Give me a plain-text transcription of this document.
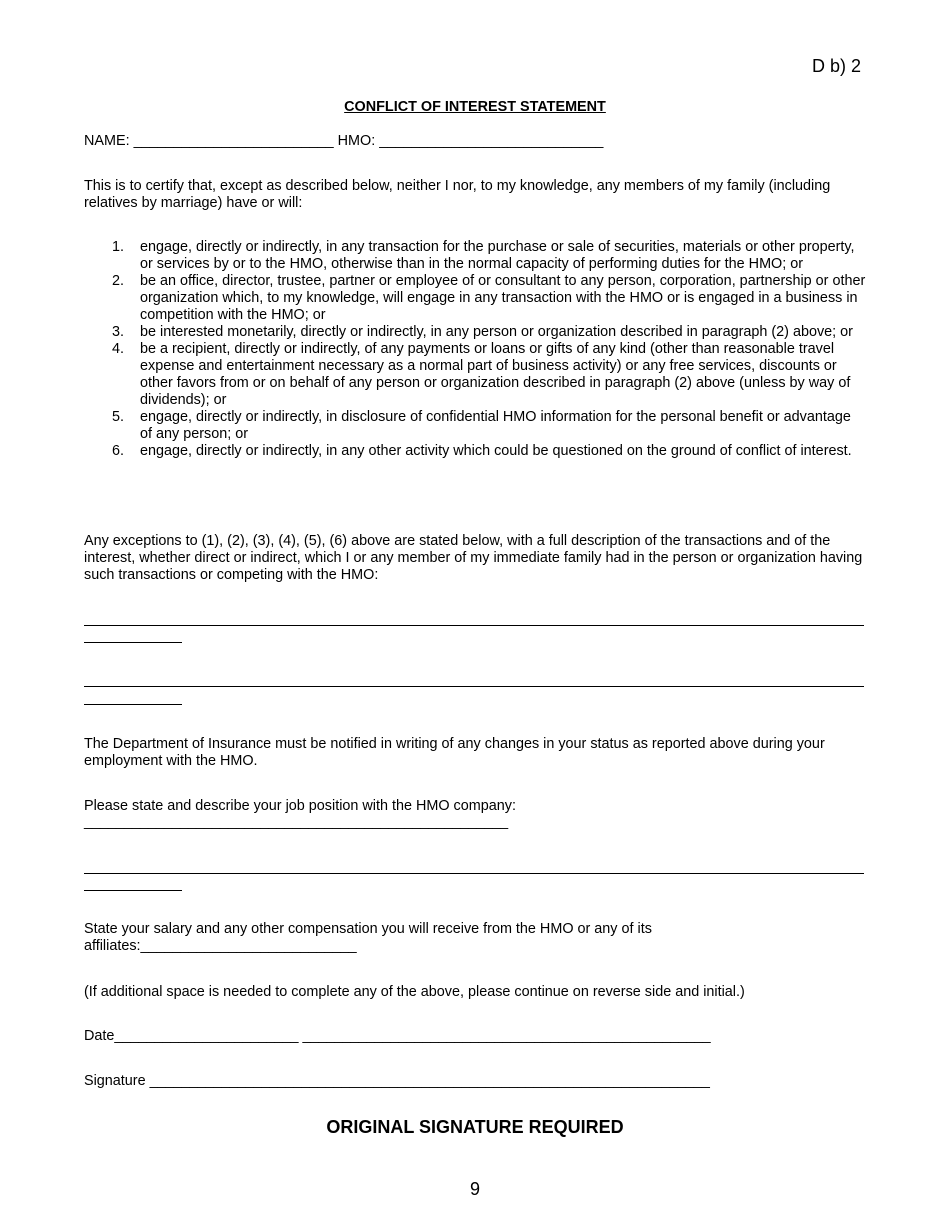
D b) 2
CONFLICT OF INTEREST STATEMENT
NAME: _________________________ HMO: ____________________________
This is to certify that, except as described below, neither I nor, to my knowledge, any members of my family (including relatives by marriage) have or will:
1. engage, directly or indirectly, in any transaction for the purchase or sale of securities, materials or other property, or services by or to the HMO, otherwise than in the normal capacity of performing duties for the HMO; or
2. be an office, director, trustee, partner or employee of or consultant to any person, corporation, partnership or other organization which, to my knowledge, will engage in any transaction with the HMO or is engaged in a business in competition with the HMO; or
3. be interested monetarily, directly or indirectly, in any person or organization described in paragraph (2) above; or
4. be a recipient, directly or indirectly, of any payments or loans or gifts of any kind (other than reasonable travel expense and entertainment necessary as a normal part of business activity) or any free services, discounts or other favors from or on behalf of any person or organization described in paragraph (2) above (unless by way of dividends); or
5. engage, directly or indirectly, in disclosure of confidential HMO information for the personal benefit or advantage of any person; or
6. engage, directly or indirectly, in any other activity which could be questioned on the ground of conflict of interest.
Any exceptions to (1), (2), (3), (4), (5), (6) above are stated below, with a full description of the transactions and of the interest, whether direct or indirect, which I or any member of my immediate family had in the person or organization having such transactions or competing with the HMO:
The Department of Insurance must be notified in writing of any changes in your status as reported above during your employment with the HMO.
Please state and describe your job position with the HMO company:
_____________________________________________________
State your salary and any other compensation you will receive from the HMO or any of its
affiliates:___________________________
(If additional space is needed to complete any of the above, please continue on reverse side and initial.)
Date_______________________ ___________________________________________________
Signature ______________________________________________________________________
ORIGINAL SIGNATURE REQUIRED
9
